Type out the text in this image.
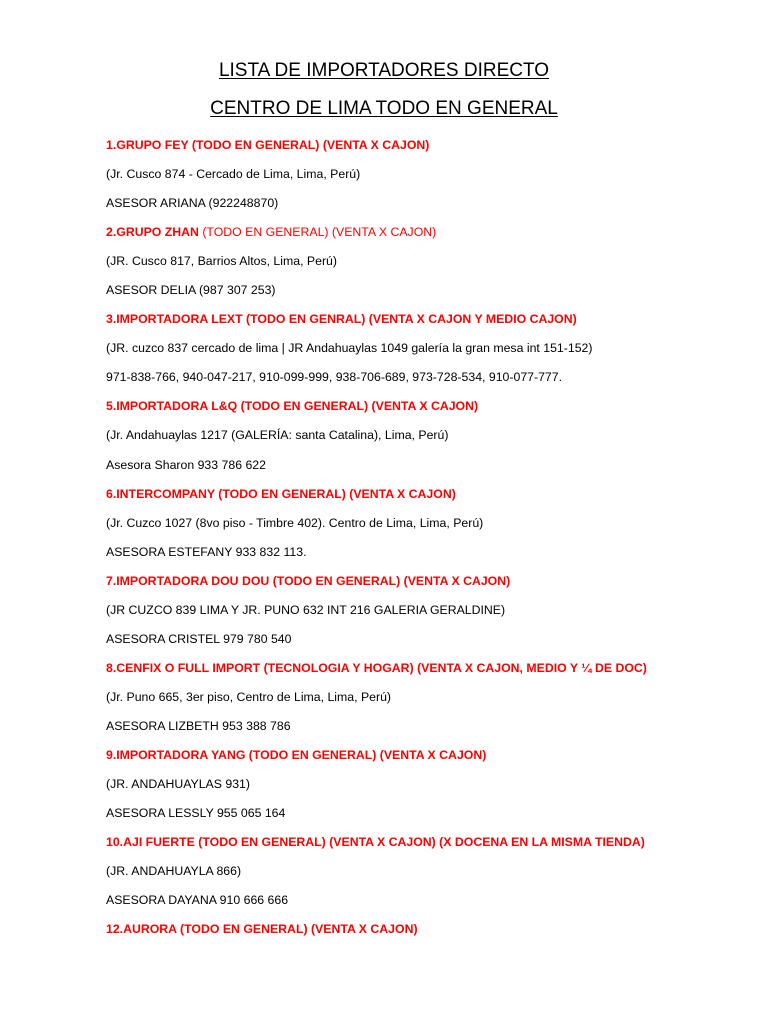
LISTA DE IMPORTADORES DIRECTO
CENTRO DE LIMA TODO EN GENERAL
1.GRUPO FEY (TODO EN GENERAL) (VENTA X CAJON)
(Jr. Cusco 874 - Cercado de Lima, Lima, Perú)
ASESOR ARIANA (922248870)
2.GRUPO ZHAN (TODO EN GENERAL) (VENTA X CAJON)
(JR. Cusco 817, Barrios Altos, Lima, Perú)
ASESOR DELIA (987 307 253)
3.IMPORTADORA LEXT (TODO EN GENRAL) (VENTA X CAJON Y MEDIO CAJON)
(JR. cuzco 837 cercado de lima | JR Andahuaylas 1049 galería la gran mesa int 151-152)
971-838-766, 940-047-217, 910-099-999, 938-706-689, 973-728-534, 910-077-777.
5.IMPORTADORA L&Q (TODO EN GENERAL) (VENTA X CAJON)
(Jr. Andahuaylas 1217 (GALERÍA: santa Catalina), Lima, Perú)
Asesora Sharon 933 786 622
6.INTERCOMPANY (TODO EN GENERAL) (VENTA X CAJON)
(Jr. Cuzco 1027 (8vo piso - Timbre 402). Centro de Lima, Lima, Perú)
ASESORA ESTEFANY 933 832 113.
7.IMPORTADORA DOU DOU (TODO EN GENERAL) (VENTA X CAJON)
(JR CUZCO 839 LIMA Y JR. PUNO 632 INT 216 GALERIA GERALDINE)
ASESORA CRISTEL 979 780 540
8.CENFIX O FULL IMPORT (TECNOLOGIA Y HOGAR) (VENTA X CAJON, MEDIO Y ¼ DE DOC)
(Jr. Puno 665, 3er piso, Centro de Lima, Lima, Perú)
ASESORA LIZBETH 953 388 786
9.IMPORTADORA YANG (TODO EN GENERAL) (VENTA X CAJON)
(JR. ANDAHUAYLAS 931)
ASESORA LESSLY 955 065 164
10.AJI FUERTE (TODO EN GENERAL) (VENTA X CAJON) (X DOCENA EN LA MISMA TIENDA)
(JR. ANDAHUAYLA 866)
ASESORA DAYANA 910 666 666
12.AURORA (TODO EN GENERAL) (VENTA X CAJON)
